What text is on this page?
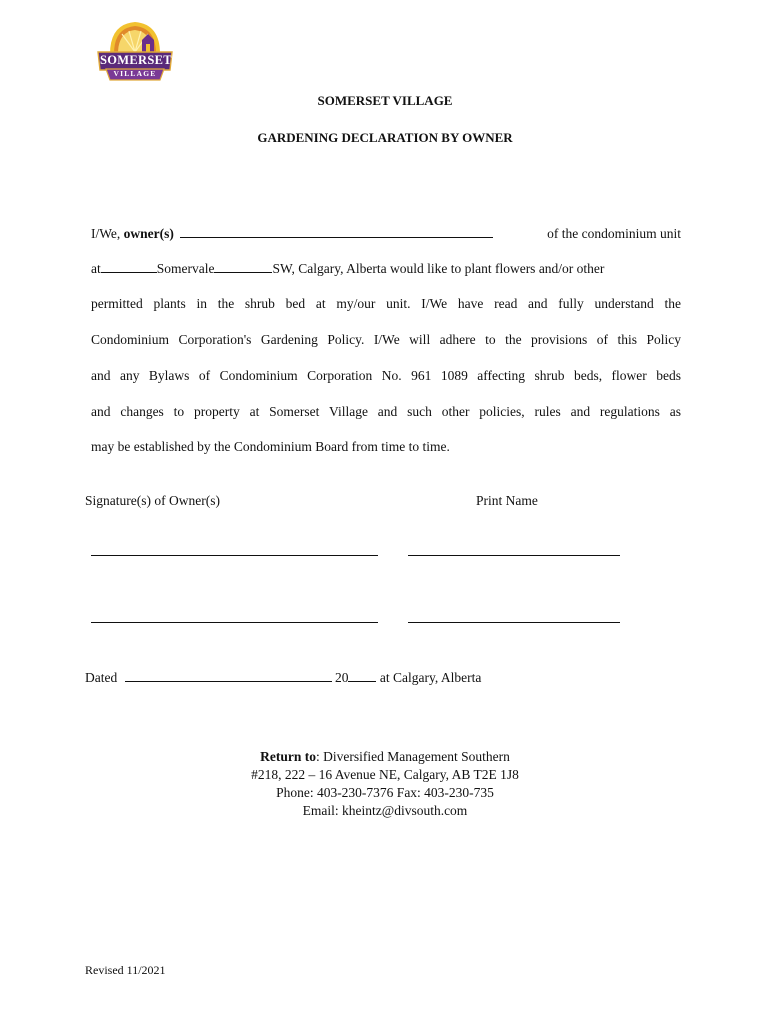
SOMERSET
VILLAGE
SOMERSET VILLAGE
GARDENING DECLARATION BY OWNER
I/We, owner(s)	of the condominium unit
at	Somervale	SW, Calgary, Alberta would like to plant flowers and/or other
permitted plants in the shrub bed at my/our unit. I/We have read and fully understand the
Condominium Corporation's Gardening Policy. I/We will adhere to the provisions of this Policy
and any Bylaws of Condominium Corporation No. 961 1089 affecting shrub beds, flower beds
and changes to property at Somerset Village and such other policies, rules and regulations as
may be established by the Condominium Board from time to time.
Signature(s) of Owner(s)	Print Name
Dated	20 at Calgary, Alberta
Return to: Diversified Management Southern
#218, 222 – 16 Avenue NE, Calgary, AB T2E 1J8
Phone: 403-230-7376 Fax: 403-230-735
Email: kheintz@divsouth.com
Revised 11/2021
